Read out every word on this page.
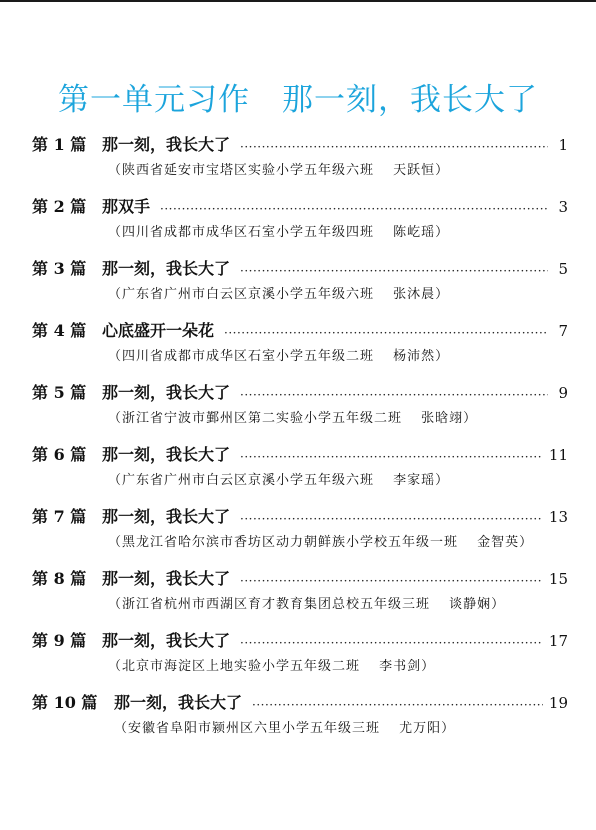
第一单元习作　那一刻，我长大了
第 1 篇 那一刻，我长大了 ·····	1
（陕西省延安市宝塔区实验小学五年级六班　 天跃恒）
第 2 篇 那双手 ·····	3
（四川省成都市成华区石室小学五年级四班　 陈屹瑶）
第 3 篇 那一刻，我长大了 ·····	5
（广东省广州市白云区京溪小学五年级六班　 张沐晨）
第 4 篇 心底盛开一朵花 ·····	7
（四川省成都市成华区石室小学五年级二班　 杨沛然）
第 5 篇 那一刻，我长大了 ·····	9
（浙江省宁波市鄞州区第二实验小学五年级二班　 张晗翊）
第 6 篇 那一刻，我长大了 ·····	11
（广东省广州市白云区京溪小学五年级六班　 李家瑶）
第 7 篇 那一刻，我长大了 ·····	13
（黑龙江省哈尔滨市香坊区动力朝鲜族小学校五年级一班　 金智英）
第 8 篇 那一刻，我长大了 ·····	15
（浙江省杭州市西湖区育才教育集团总校五年级三班　 谈静娴）
第 9 篇 那一刻，我长大了 ·····	17
（北京市海淀区上地实验小学五年级二班　 李书剑）
第 10 篇	那一刻，我长大了 ·····	19
（安徽省阜阳市颍州区六里小学五年级三班　 尤万阳）
